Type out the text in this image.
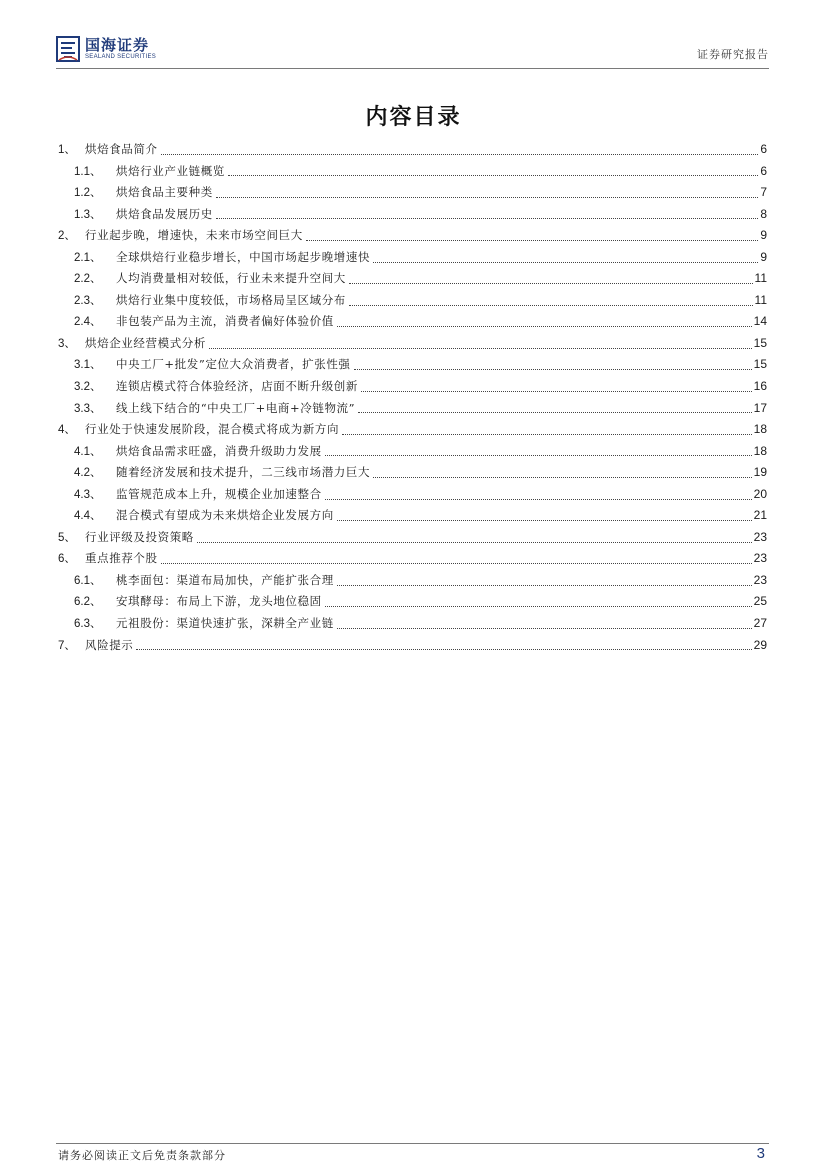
国海证券
SEALAND SECURITIES	证券研究报告
内容目录
1、 烘焙食品简介	6
1.1、	烘焙行业产业链概览	6
1.2、	烘焙食品主要种类	7
1.3、	烘焙食品发展历史	8
2、 行业起步晚，增速快，未来市场空间巨大	9
2.1、	全球烘焙行业稳步增长，中国市场起步晚增速快	9
2.2、	人均消费量相对较低，行业未来提升空间大	11
2.3、	烘焙行业集中度较低，市场格局呈区域分布	11
2.4、	非包装产品为主流，消费者偏好体验价值	14
3、 烘焙企业经营模式分析	15
3.1、	中央工厂+批发”定位大众消费者，扩张性强	15
3.2、	连锁店模式符合体验经济，店面不断升级创新	16
3.3、	线上线下结合的“中央工厂+电商+冷链物流”	17
4、 行业处于快速发展阶段，混合模式将成为新方向	18
4.1、	烘焙食品需求旺盛，消费升级助力发展	18
4.2、	随着经济发展和技术提升，二三线市场潜力巨大	19
4.3、	监管规范成本上升，规模企业加速整合	20
4.4、	混合模式有望成为未来烘焙企业发展方向	21
5、 行业评级及投资策略	23
6、 重点推荐个股	23
6.1、	桃李面包：渠道布局加快，产能扩张合理	23
6.2、	安琪酵母：布局上下游，龙头地位稳固	25
6.3、	元祖股份：渠道快速扩张，深耕全产业链	27
7、 风险提示	29
请务必阅读正文后免责条款部分	3
